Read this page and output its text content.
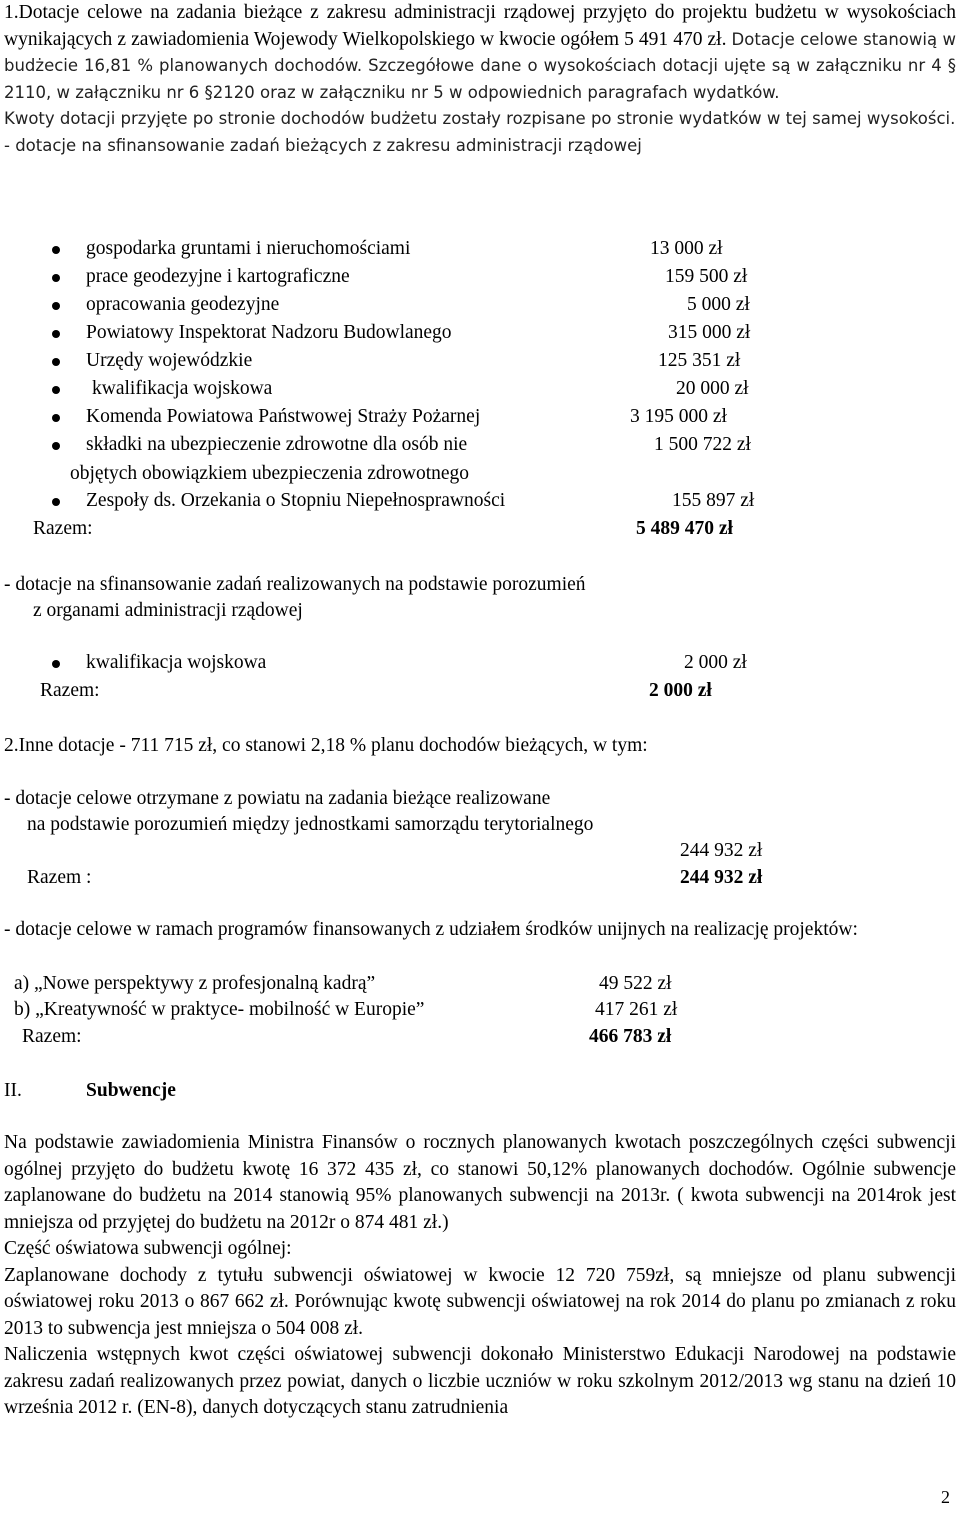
1.Dotacje celowe na zadania bieżące z zakresu administracji rządowej przyjęto do projektu budżetu w wysokościach wynikających z zawiadomienia Wojewody Wielkopolskiego w kwocie ogółem 5 491 470 zł. Dotacje celowe stanowią w budżecie 16,81 % planowanych dochodów. Szczegółowe dane o wysokościach dotacji ujęte są w załączniku nr 4 § 2110, w załączniku nr 6 §2120 oraz w załączniku nr 5 w odpowiednich paragrafach wydatków.

Kwoty dotacji przyjęte po stronie dochodów budżetu zostały rozpisane po stronie wydatków w tej samej wysokości.

- dotacje na sfinansowanie zadań bieżących z zakresu administracji rządowej

gospodarka gruntami i nieruchomościami	13 000 zł
prace geodezyjne i kartograficzne	159 500 zł
opracowania geodezyjne	5 000 zł
Powiatowy Inspektorat Nadzoru Budowlanego	315 000 zł
Urzędy wojewódzkie	125 351 zł
kwalifikacja wojskowa	20 000 zł
Komenda Powiatowa Państwowej Straży Pożarnej	3 195 000 zł
składki na ubezpieczenie zdrowotne dla osób nie	1 500 722 zł
objętych obowiązkiem ubezpieczenia zdrowotnego
Zespoły ds. Orzekania o Stopniu Niepełnosprawności	155 897 zł
Razem:	5 489 470 zł
- dotacje na sfinansowanie zadań realizowanych na podstawie porozumień
z organami administracji rządowej
kwalifikacja wojskowa	2 000 zł
Razem:	2 000 zł
2.Inne dotacje - 711 715 zł, co stanowi 2,18 % planu dochodów bieżących, w tym:
- dotacje celowe otrzymane z powiatu na zadania bieżące realizowane
na podstawie porozumień między jednostkami samorządu terytorialnego
244 932 zł
Razem :	244 932 zł

- dotacje celowe w ramach programów finansowanych z udziałem środków unijnych na realizację projektów:

a) „Nowe perspektywy z profesjonalną kadrą”	49 522 zł
b) „Kreatywność w praktyce- mobilność w Europie”	417 261 zł
Razem:	466 783 zł
II.	Subwencje

Na podstawie zawiadomienia Ministra Finansów o rocznych planowanych kwotach poszczególnych części subwencji ogólnej przyjęto do budżetu kwotę 16 372 435 zł, co stanowi 50,12% planowanych dochodów. Ogólnie subwencje zaplanowane do budżetu na 2014 stanowią 95% planowanych subwencji na 2013r. ( kwota subwencji na 2014rok jest mniejsza od przyjętej do budżetu na 2012r o 874 481 zł.)

Część oświatowa subwencji ogólnej:

Zaplanowane dochody z tytułu subwencji oświatowej w kwocie 12 720 759zł, są mniejsze od planu subwencji oświatowej roku 2013 o 867 662 zł. Porównując kwotę subwencji oświatowej na rok 2014 do planu po zmianach z roku 2013 to subwencja jest mniejsza o 504 008 zł.

Naliczenia wstępnych kwot części oświatowej subwencji dokonało Ministerstwo Edukacji Narodowej na podstawie zakresu zadań realizowanych przez powiat, danych o liczbie uczniów w roku szkolnym 2012/2013 wg stanu na dzień 10 września 2012 r. (EN-8), danych dotyczących stanu zatrudnienia

2
